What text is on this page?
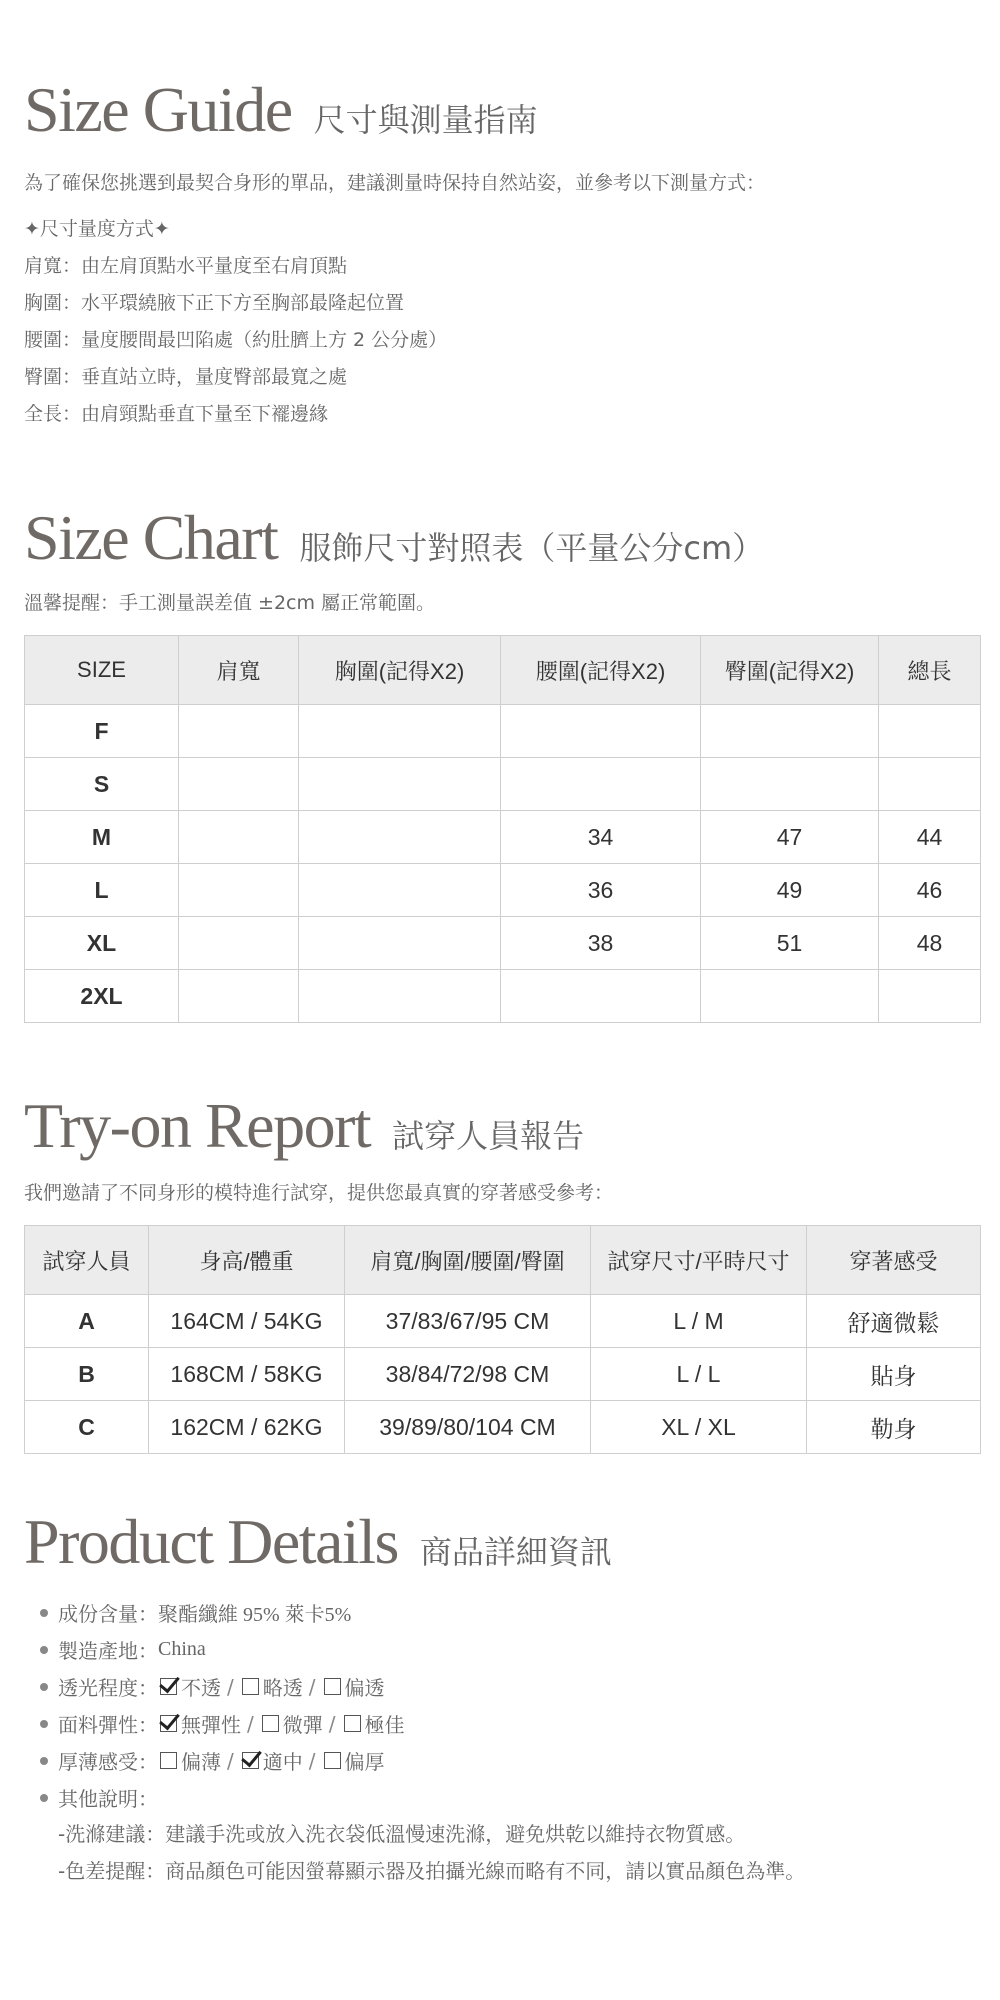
Size Guide 尺寸與測量指南
為了確保您挑選到最契合身形的單品，建議測量時保持自然站姿，並參考以下測量方式：
✦尺寸量度方式✦
肩寬：由左肩頂點水平量度至右肩頂點
胸圍：水平環繞腋下正下方至胸部最隆起位置
腰圍：量度腰間最凹陷處（約肚臍上方 2 公分處）
臀圍：垂直站立時，量度臀部最寬之處
全長：由肩頸點垂直下量至下襬邊緣
Size Chart 服飾尺寸對照表（平量公分cm）
溫馨提醒：手工測量誤差值 ±2cm 屬正常範圍。
SIZE	肩寬	胸圍(記得X2)	腰圍(記得X2)	臀圍(記得X2)	總長
F					
S					
M			34	47	44
L			36	49	46
XL			38	51	48
2XL					
Try-on Report 試穿人員報告
我們邀請了不同身形的模特進行試穿，提供您最真實的穿著感受參考：
試穿人員	身高/體重	肩寬/胸圍/腰圍/臀圍	試穿尺寸/平時尺寸	穿著感受
A	164CM / 54KG	37/83/67/95 CM	L / M	舒適微鬆
B	168CM / 58KG	38/84/72/98 CM	L / L	貼身
C	162CM / 62KG	39/89/80/104 CM	XL / XL	勒身
Product Details 商品詳細資訊
成份含量： 聚酯纖維 95% 萊卡5%
製造產地： China
透光程度： 不透 / 略透 / 偏透
面料彈性： 無彈性 / 微彈 / 極佳
厚薄感受： 偏薄 / 適中 / 偏厚
其他說明：
-洗滌建議：建議手洗或放入洗衣袋低溫慢速洗滌，避免烘乾以維持衣物質感。
-色差提醒：商品顏色可能因螢幕顯示器及拍攝光線而略有不同，請以實品顏色為準。
